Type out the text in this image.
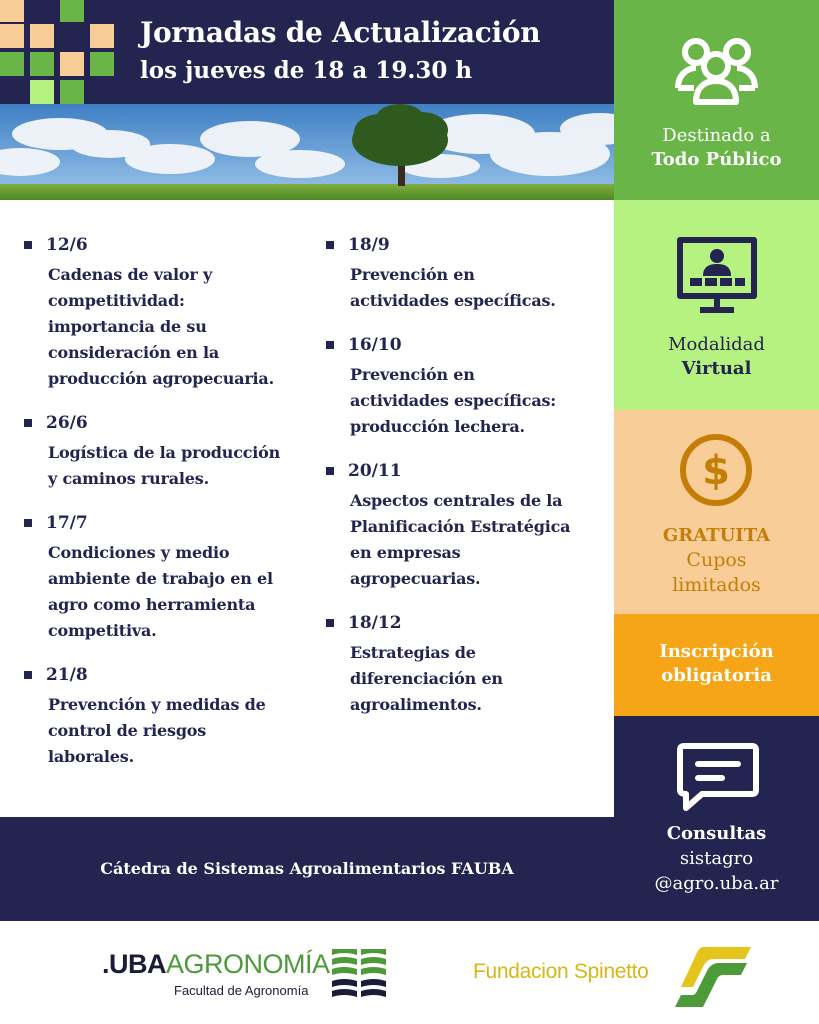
Jornadas de Actualización
los jueves de 18 a 19.30 h
12/6
Cadenas de valor y
competitividad:
importancia de su
consideración en la
producción agropecuaria.
26/6
Logística de la producción
y caminos rurales.
17/7
Condiciones y medio
ambiente de trabajo en el
agro como herramienta
competitiva.
21/8
Prevención y medidas de
control de riesgos
laborales.
18/9
Prevención en
actividades específicas.
16/10
Prevención en
actividades específicas:
producción lechera.
20/11
Aspectos centrales de la
Planificación Estratégica
en empresas
agropecuarias.
18/12
Estrategias de
diferenciación en
agroalimentos.
Cátedra de Sistemas Agroalimentarios FAUBA
Destinado a
Todo Público
Modalidad
Virtual
$
GRATUITA
Cupos
limitados
Inscripción
obligatoria
Consultas
sistagro
@agro.uba.ar
.UBAAGRONOMÍA
Facultad de Agronomía
Fundacion Spinetto
